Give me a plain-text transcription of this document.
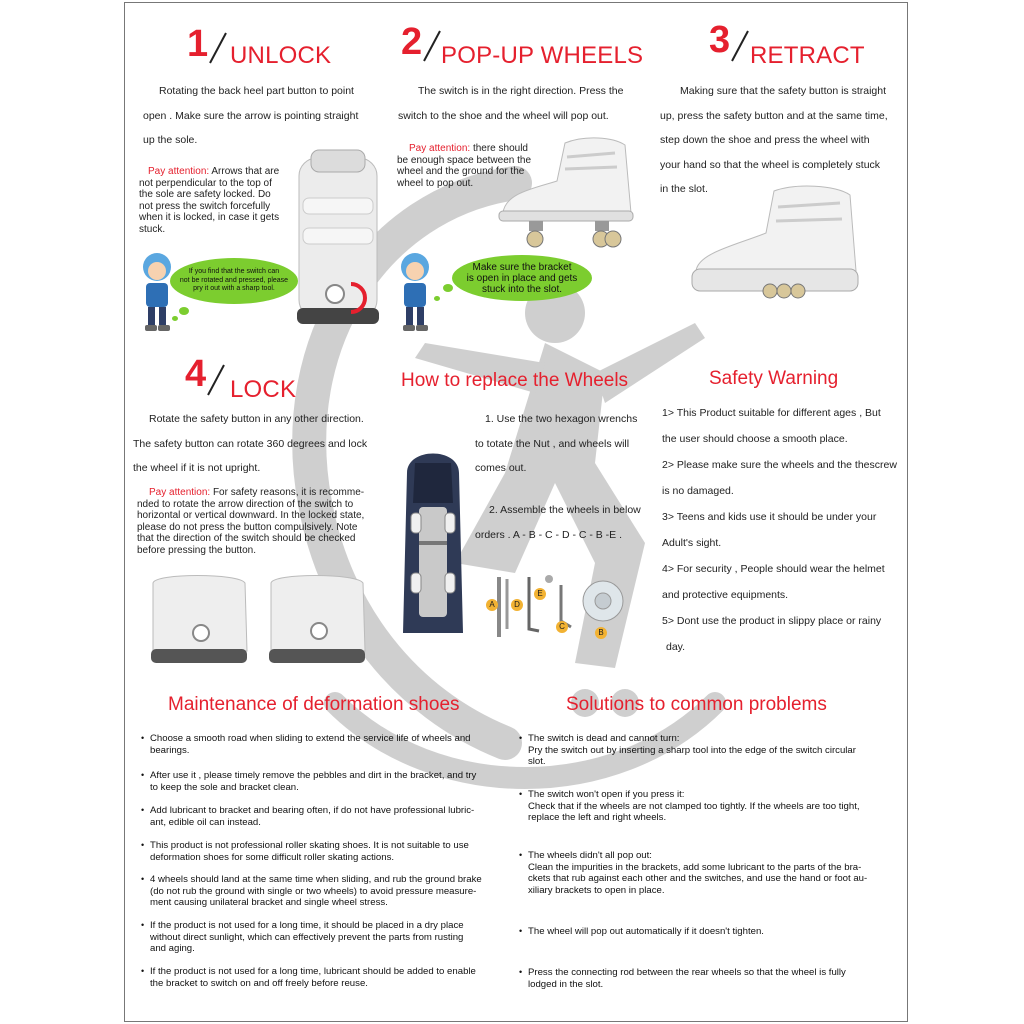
1 UNLOCK

Rotating the back heel part button to point

open . Make sure the arrow is pointing straight

up the sole.

Pay attention: Arrows that are

not perpendicular to the top of

the sole are safety locked. Do

not press the switch forcefully

when it is locked, in case it gets

stuck.

If you find that the switch can

not be rotated and pressed, please

pry it out with a sharp tool.

2 POP-UP WHEELS

The switch is in the right direction. Press the

switch to the shoe and the wheel will pop out.

Pay attention: there should

be enough space between the

wheel and the ground for the

wheel to pop out.

Make sure the bracket

is open in place and gets

stuck into the slot.

3 RETRACT

Making sure that the safety button is straight

up, press the safety button and at the same time,

step down the shoe and press the wheel with

your hand so that the wheel is completely stuck

in the slot.

4 LOCK

Rotate the safety button in any other direction.

The safety button can rotate 360 degrees and lock

the wheel if it is not upright.

Pay attention: For safety reasons, it is recomme-

nded to rotate the arrow direction of the switch to

horizontal or vertical downward. In the locked state,

please do not press the button compulsively. Note

that the direction of the switch should be checked

before pressing the button.

How to replace the Wheels

1. Use the two hexagon wrenchs

to totate the Nut , and wheels will

comes out.

2. Assemble the wheels in below

orders . A - B - C - D - C - B -E .

A	D
E
C
B
Safety Warning

1> This Product suitable for different ages , But

the user should choose a smooth place.

2> Please make sure the wheels and the thescrew

is no damaged.

3> Teens and kids use it should be under your

Adult's sight.

4> For security , People should wear the helmet

and protective equipments.

5> Dont use the product in slippy place or rainy

day.

Maintenance of deformation shoes
• Choose a smooth road when sliding to extend the service life of wheels and

bearings.

• After use it , please timely remove the pebbles and dirt in the bracket, and try

to keep the sole and bracket clean.

• Add lubricant to bracket and bearing often, if do not have professional lubric-

ant, edible oil can instead.

• This product is not professional roller skating shoes. It is not suitable to use

deformation shoes for some difficult roller skating actions.

• 4 wheels should land at the same time when sliding, and rub the ground brake

(do not rub the ground with single or two wheels) to avoid pressure measure-

ment causing unilateral bracket and single wheel stress.

• If the product is not used for a long time, it should be placed in a dry place

without direct sunlight, which can effectively prevent the parts from rusting

and aging.

• If the product is not used for a long time, lubricant should be added to enable

the bracket to switch on and off freely before reuse.

Solutions to common problems
• The switch is dead and cannot turn:

Pry the switch out by inserting a sharp tool into the edge of the switch circular

slot.

• The switch won't open if you press it:

Check that if the wheels are not clamped too tightly. If the wheels are too tight,

replace the left and right wheels.

• The wheels didn't all pop out:

Clean the impurities in the brackets, add some lubricant to the parts of the bra-

ckets that rub against each other and the switches, and use the hand or foot au-

xiliary brackets to open in place.

• The wheel will pop out automatically if it doesn't tighten.

• Press the connecting rod between the rear wheels so that the wheel is fully

lodged in the slot.
